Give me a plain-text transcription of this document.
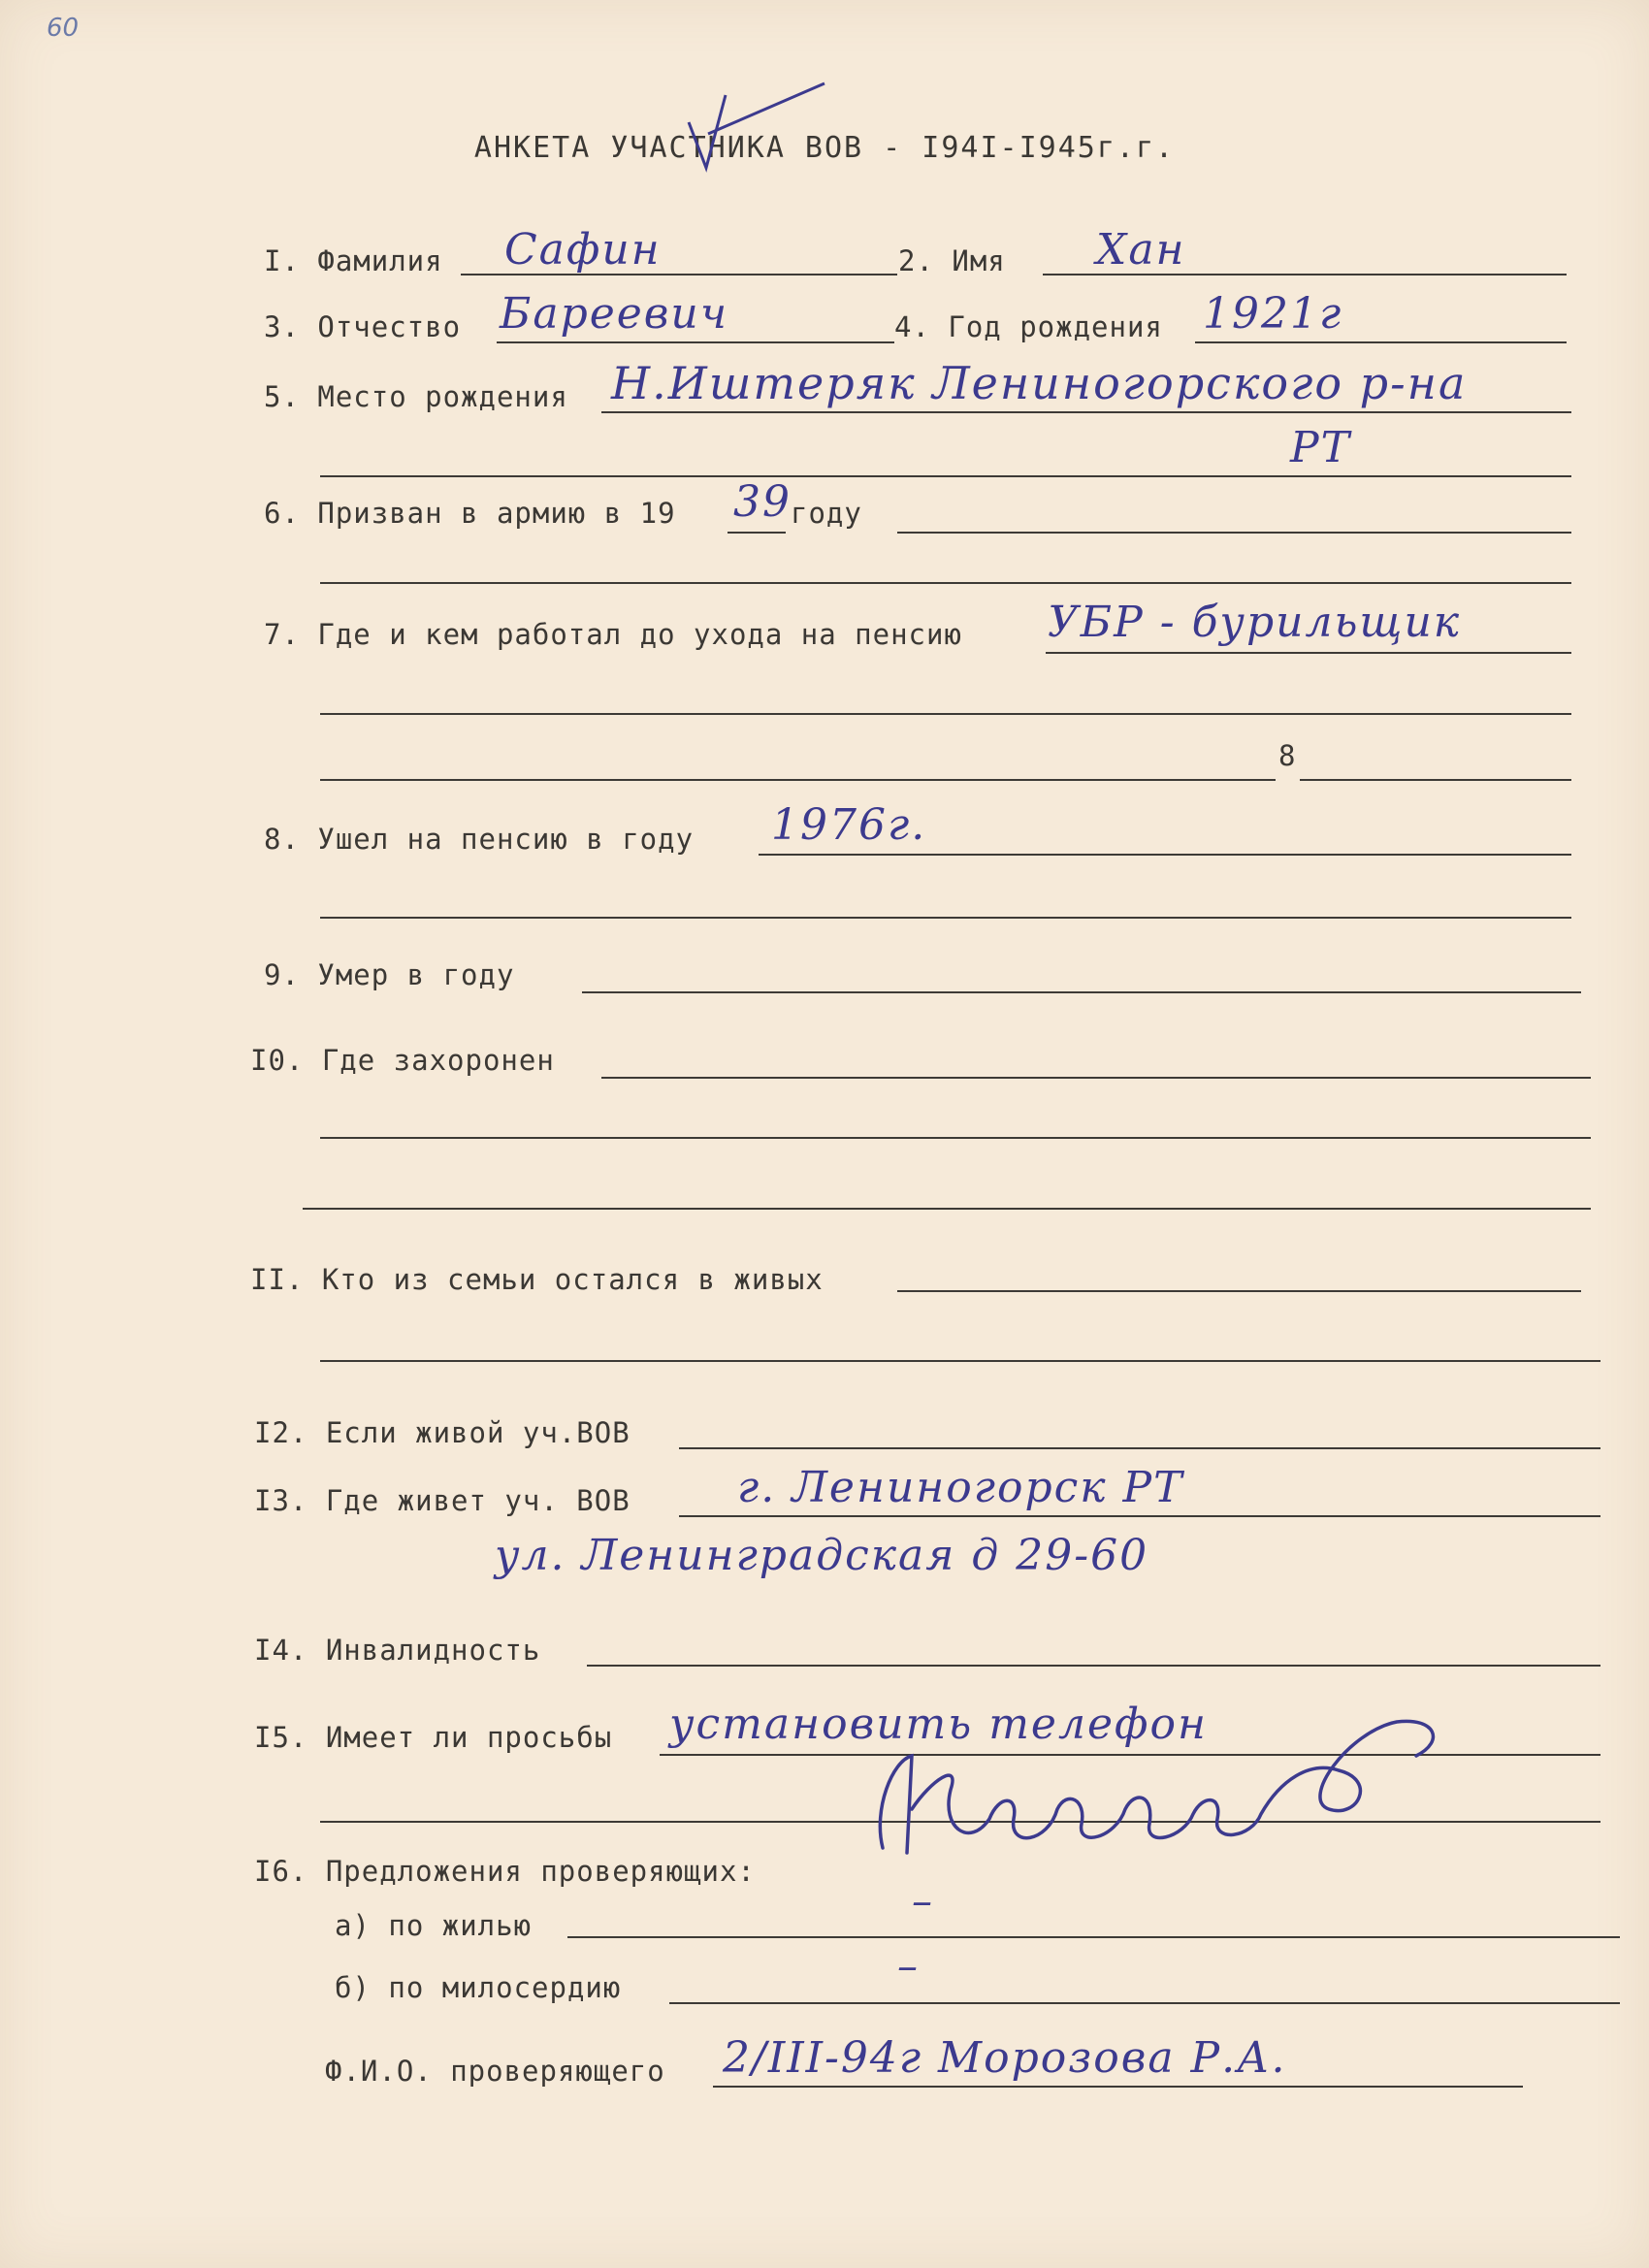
60
АНКЕТА УЧАСТНИКА ВОВ - I94I-I945г.г.
I. Фамилия Сафин	2. Имя Хан
3. Отчество Бареевич	4. Год рождения 1921г
5. Место рождения Н.Иштеряк Лениногорского р-на
РТ
6. Призван в армию в 19 39 году
7. Где и кем работал до ухода на пенсию УБР - бурильщик
8
8. Ушел на пенсию в году 1976г.
9. Умер в году
I0. Где захоронен
II. Кто из семьи остался в живых
I2. Если живой уч.ВОВ
I3. Где живет уч. ВОВ	г. Лениногорск РТ
ул. Ленинградская д 29-60
I4. Инвалидность
I5. Имеет ли просьбы установить телефон
I6. Предложения проверяющих:
а) по жилью
–
б) по милосердию	–
Ф.И.О. проверяющего 2/III-94г Морозова Р.А.
